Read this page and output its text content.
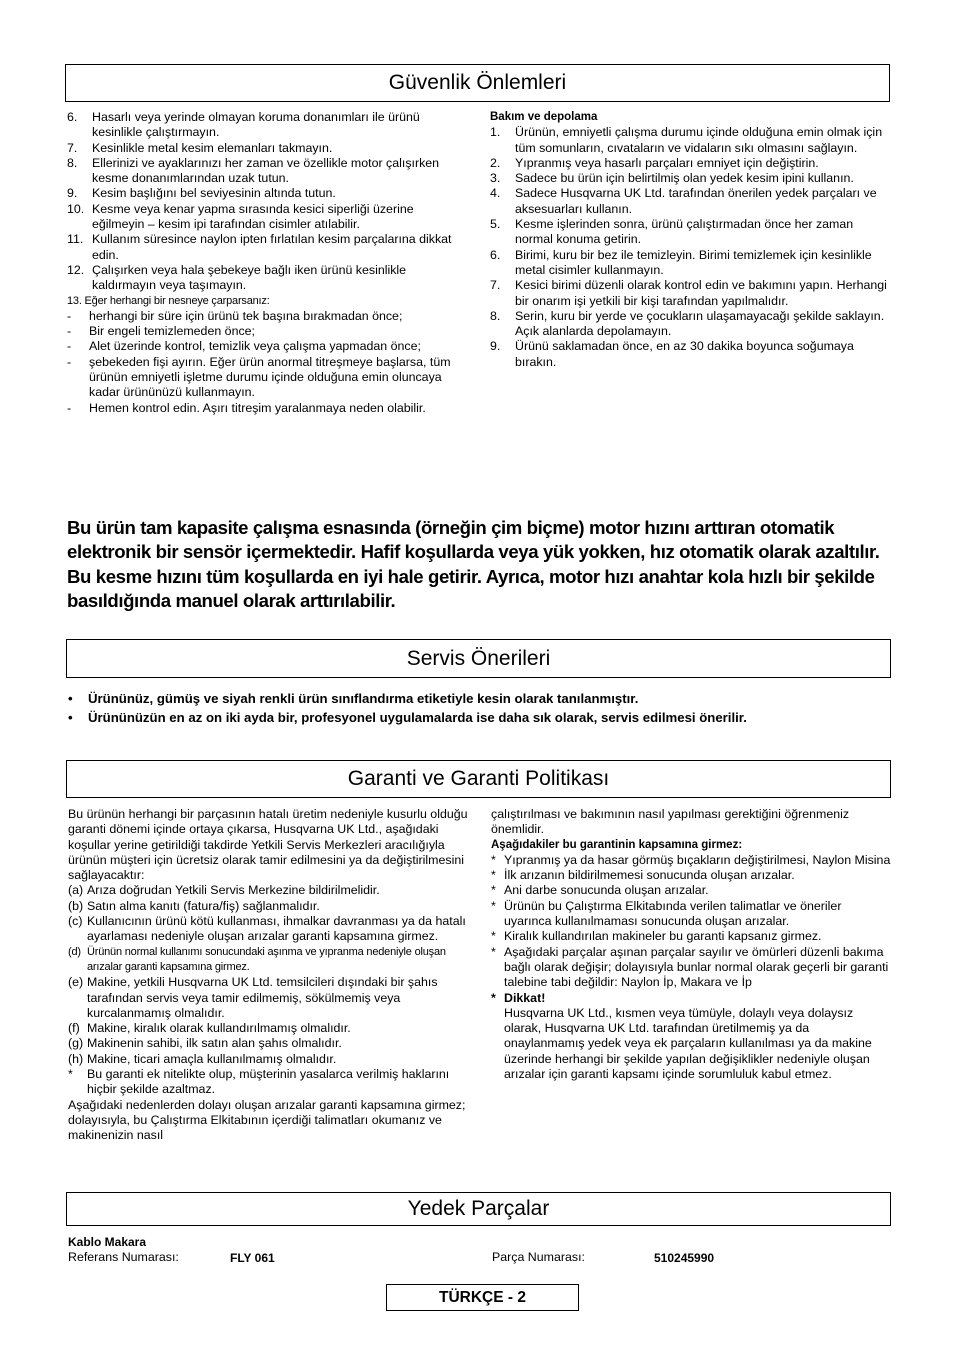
Güvenlik Önlemleri

6. Hasarlı veya yerinde olmayan koruma donanımları ile ürünü kesinlikle çalıştırmayın.

7. Kesinlikle metal kesim elemanları takmayın.

8. Ellerinizi ve ayaklarınızı her zaman ve özellikle motor çalışırken kesme donanımlarından uzak tutun.

9. Kesim başlığını bel seviyesinin altında tutun.

10. Kesme veya kenar yapma sırasında kesici siperliği üzerine eğilmeyin – kesim ipi tarafından cisimler atılabilir.

11. Kullanım süresince naylon ipten fırlatılan kesim parçalarına dikkat edin.

12. Çalışırken veya hala şebekeye bağlı iken ürünü kesinlikle kaldırmayın veya taşımayın.

13. Eğer herhangi bir nesneye çarparsanız:

- herhangi bir süre için ürünü tek başına bırakmadan önce;

- Bir engeli temizlemeden önce;

- Alet üzerinde kontrol, temizlik veya çalışma yapmadan önce;

- şebekeden fişi ayırın. Eğer ürün anormal titreşmeye başlarsa, tüm ürünün emniyetli işletme durumu içinde olduğuna emin oluncaya kadar ürününüzü kullanmayın.

- Hemen kontrol edin. Aşırı titreşim yaralanmaya neden olabilir.

Bakım ve depolama

1. Ürünün, emniyetli çalışma durumu içinde olduğuna emin olmak için tüm somunların, cıvataların ve vidaların sıkı olmasını sağlayın.

2. Yıpranmış veya hasarlı parçaları emniyet için değiştirin.

3. Sadece bu ürün için belirtilmiş olan yedek kesim ipini kullanın.

4. Sadece Husqvarna UK Ltd. tarafından önerilen yedek parçaları ve aksesuarları kullanın.

5. Kesme işlerinden sonra, ürünü çalıştırmadan önce her zaman normal konuma getirin.

6. Birimi, kuru bir bez ile temizleyin. Birimi temizlemek için kesinlikle metal cisimler kullanmayın.

7. Kesici birimi düzenli olarak kontrol edin ve bakımını yapın. Herhangi bir onarım işi yetkili bir kişi tarafından yapılmalıdır.

8. Serin, kuru bir yerde ve çocukların ulaşamayacağı şekilde saklayın. Açık alanlarda depolamayın.

9. Ürünü saklamadan önce, en az 30 dakika boyunca soğumaya bırakın.

Bu ürün tam kapasite çalışma esnasında (örneğin çim biçme) motor hızını arttıran otomatik elektronik bir sensör içermektedir. Hafif koşullarda veya yük yokken, hız otomatik olarak azaltılır. Bu kesme hızını tüm koşullarda en iyi hale getirir. Ayrıca, motor hızı anahtar kola hızlı bir şekilde basıldığında manuel olarak arttırılabilir.
Servis Önerileri

• Ürününüz, gümüş ve siyah renkli ürün sınıflandırma etiketiyle kesin olarak tanılanmıştır.

• Ürününüzün en az on iki ayda bir, profesyonel uygulamalarda ise daha sık olarak, servis edilmesi önerilir.

Garanti ve Garanti Politikası

Bu ürünün herhangi bir parçasının hatalı üretim nedeniyle kusurlu olduğu garanti dönemi içinde ortaya çıkarsa, Husqvarna UK Ltd., aşağıdaki koşullar yerine getirildiği takdirde Yetkili Servis Merkezleri aracılığıyla ürünün müşteri için ücretsiz olarak tamir edilmesini ya da değiştirilmesini sağlayacaktır:

(a) Arıza doğrudan Yetkili Servis Merkezine bildirilmelidir.

(b) Satın alma kanıtı (fatura/fiş) sağlanmalıdır.

(c) Kullanıcının ürünü kötü kullanması, ihmalkar davranması ya da hatalı ayarlaması nedeniyle oluşan arızalar garanti kapsamına girmez.

(d) Ürünün normal kullanımı sonucundaki aşınma ve yıpranma nedeniyle oluşan arızalar garanti kapsamına girmez.

(e) Makine, yetkili Husqvarna UK Ltd. temsilcileri dışındaki bir şahıs tarafından servis veya tamir edilmemiş, sökülmemiş veya kurcalanmamış olmalıdır.

(f) Makine, kiralık olarak kullandırılmamış olmalıdır.

(g) Makinenin sahibi, ilk satın alan şahıs olmalıdır.

(h) Makine, ticari amaçla kullanılmamış olmalıdır.

* Bu garanti ek nitelikte olup, müşterinin yasalarca verilmiş haklarını hiçbir şekilde azaltmaz.

Aşağıdaki nedenlerden dolayı oluşan arızalar garanti kapsamına girmez; dolayısıyla, bu Çalıştırma Elkitabının içerdiği talimatları okumanız ve makinenizin nasıl

çalıştırılması ve bakımının nasıl yapılması gerektiğini öğrenmeniz önemlidir.

Aşağıdakiler bu garantinin kapsamına girmez:

* Yıpranmış ya da hasar görmüş bıçakların değiştirilmesi, Naylon Misina

* İlk arızanın bildirilmemesi sonucunda oluşan arızalar.

* Ani darbe sonucunda oluşan arızalar.

* Ürünün bu Çalıştırma Elkitabında verilen talimatlar ve öneriler uyarınca kullanılmaması sonucunda oluşan arızalar.

* Kiralık kullandırılan makineler bu garanti kapsanız girmez.

* Aşağıdaki parçalar aşınan parçalar sayılır ve ömürleri düzenli bakıma bağlı olarak değişir; dolayısıyla bunlar normal olarak geçerli bir garanti talebine tabi değildir: Naylon İp, Makara ve İp

* Dikkat!

Husqvarna UK Ltd., kısmen veya tümüyle, dolaylı veya dolaysız olarak, Husqvarna UK Ltd. tarafından üretilmemiş ya da onaylanmamış yedek veya ek parçaların kullanılması ya da makine üzerinde herhangi bir şekilde yapılan değişiklikler nedeniyle oluşan arızalar için garanti kapsamı içinde sorumluluk kabul etmez.

Yedek Parçalar
Kablo Makara
Referans Numarası:	FLY 061	Parça Numarası:	510245990
TÜRKÇE - 2
